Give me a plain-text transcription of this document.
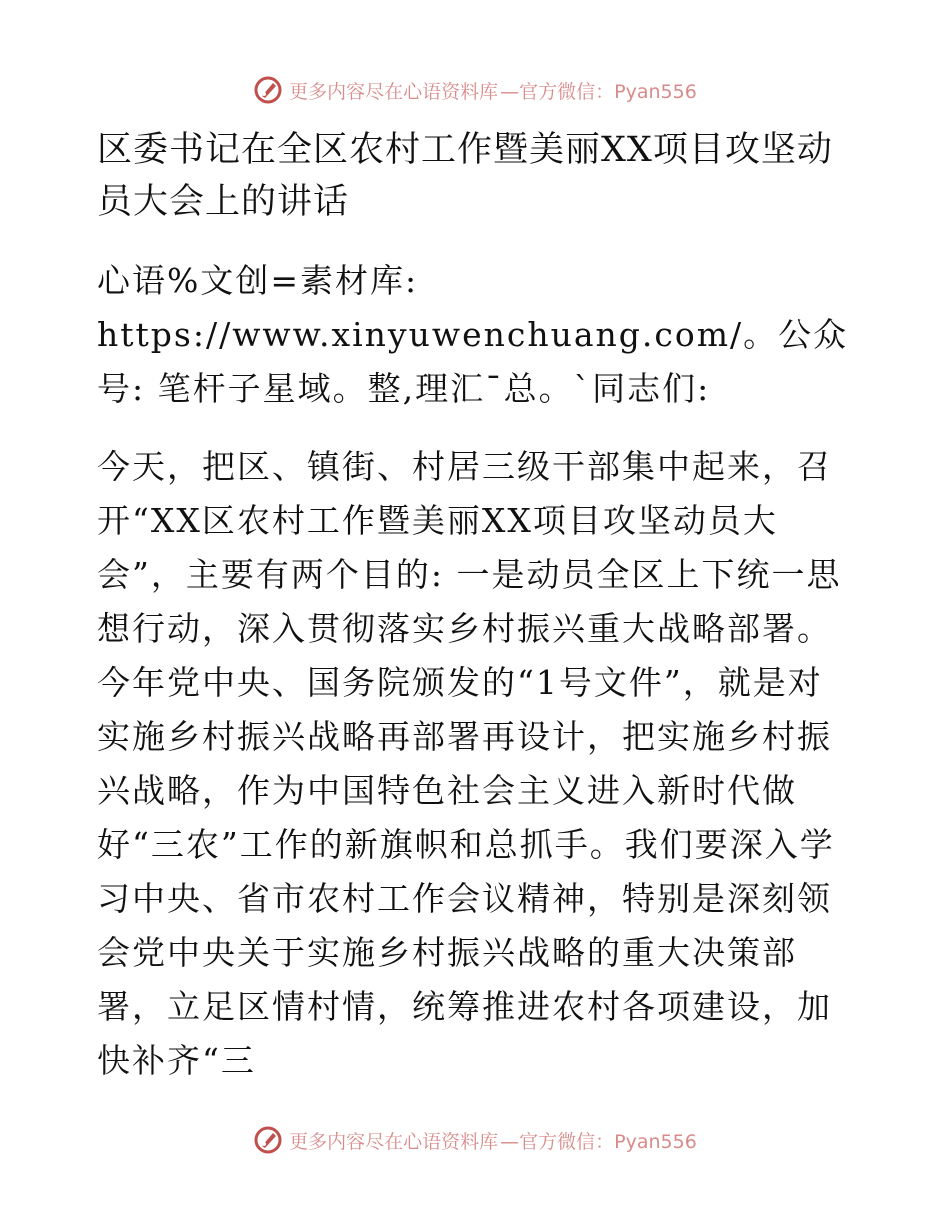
更多内容尽在心语资料库 —官方微信：Pyan556
区委书记在全区农村工作暨美丽XX项目攻坚动员大会上的讲话

心语%文创=素材库: https://www.xinyuwenchuang.com/。公众号: 笔杆子星域。整,理汇¯总。`同志们:

今天，把区、镇街、村居三级干部集中起来，召开“XX区农村工作暨美丽XX项目攻坚动员大会”，主要有两个目的: 一是动员全区上下统一思想行动，深入贯彻落实乡村振兴重大战略部署。今年党中央、国务院颁发的“1号文件”，就是对实施乡村振兴战略再部署再设计，把实施乡村振兴战略，作为中国特色社会主义进入新时代做好“三农”工作的新旗帜和总抓手。我们要深入学习中央、省市农村工作会议精神，特别是深刻领会党中央关于实施乡村振兴战略的重大决策部署，立足区情村情，统筹推进农村各项建设，加快补齐“三

更多内容尽在心语资料库 —官方微信：Pyan556
